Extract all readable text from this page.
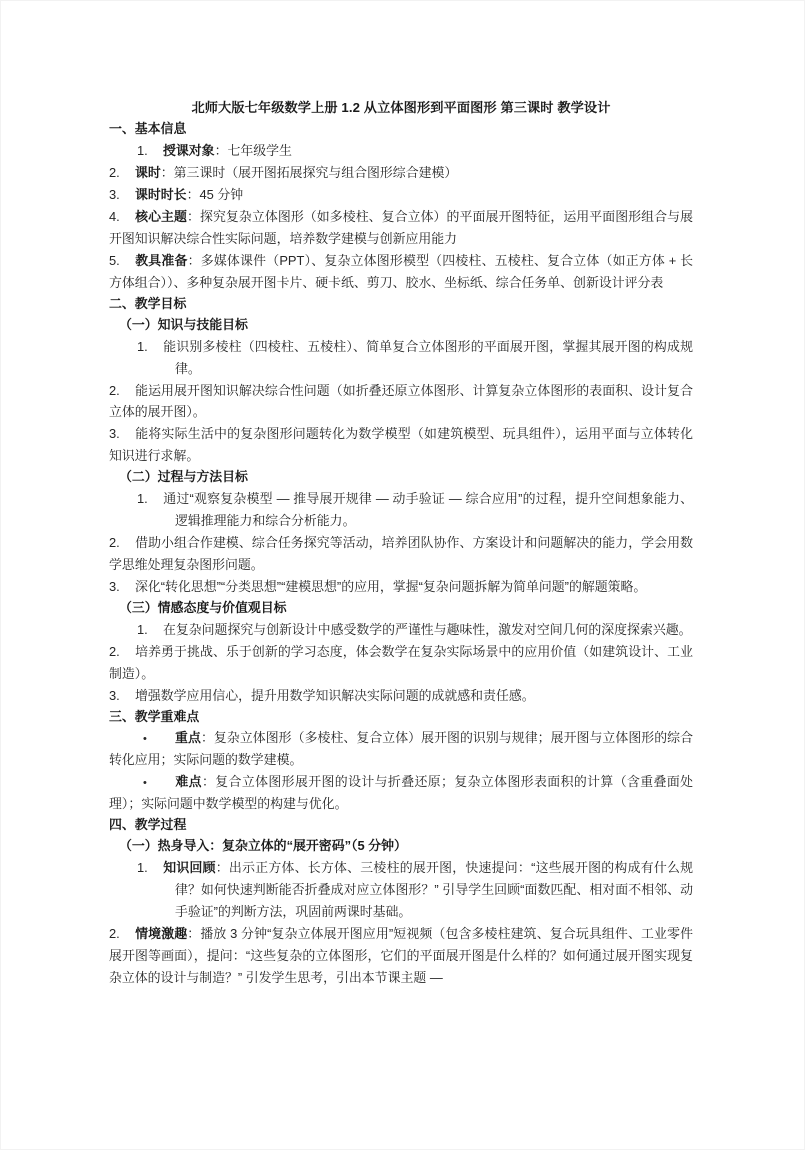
北师大版七年级数学上册 1.2 从立体图形到平面图形 第三课时 教学设计
一、基本信息
1. 授课对象：七年级学生
2. 课时：第三课时（展开图拓展探究与组合图形综合建模）
3. 课时时长：45 分钟
4. 核心主题：探究复杂立体图形（如多棱柱、复合立体）的平面展开图特征，运用平面图形组合与展开图知识解决综合性实际问题，培养数学建模与创新应用能力
5. 教具准备：多媒体课件（PPT）、复杂立体图形模型（四棱柱、五棱柱、复合立体（如正方体 + 长方体组合））、多种复杂展开图卡片、硬卡纸、剪刀、胶水、坐标纸、综合任务单、创新设计评分表
二、教学目标
（一）知识与技能目标
1. 能识别多棱柱（四棱柱、五棱柱）、简单复合立体图形的平面展开图，掌握其展开图的构成规律。
2. 能运用展开图知识解决综合性问题（如折叠还原立体图形、计算复杂立体图形的表面积、设计复合立体的展开图）。
3. 能将实际生活中的复杂图形问题转化为数学模型（如建筑模型、玩具组件），运用平面与立体转化知识进行求解。
（二）过程与方法目标
1. 通过“观察复杂模型 — 推导展开规律 — 动手验证 — 综合应用”的过程，提升空间想象能力、逻辑推理能力和综合分析能力。
2. 借助小组合作建模、综合任务探究等活动，培养团队协作、方案设计和问题解决的能力，学会用数学思维处理复杂图形问题。
3. 深化“转化思想”“分类思想”“建模思想”的应用，掌握“复杂问题拆解为简单问题”的解题策略。
（三）情感态度与价值观目标
1. 在复杂问题探究与创新设计中感受数学的严谨性与趣味性，激发对空间几何的深度探索兴趣。
2. 培养勇于挑战、乐于创新的学习态度，体会数学在复杂实际场景中的应用价值（如建筑设计、工业制造）。
3. 增强数学应用信心，提升用数学知识解决实际问题的成就感和责任感。
三、教学重难点
•重点：复杂立体图形（多棱柱、复合立体）展开图的识别与规律；展开图与立体图形的综合转化应用；实际问题的数学建模。
•难点：复合立体图形展开图的设计与折叠还原；复杂立体图形表面积的计算（含重叠面处理）；实际问题中数学模型的构建与优化。
四、教学过程
（一）热身导入：复杂立体的“展开密码”（5 分钟）
1. 知识回顾：出示正方体、长方体、三棱柱的展开图，快速提问：“这些展开图的构成有什么规律？如何快速判断能否折叠成对应立体图形？” 引导学生回顾“面数匹配、相对面不相邻、动手验证”的判断方法，巩固前两课时基础。
2. 情境激趣：播放 3 分钟“复杂立体展开图应用”短视频（包含多棱柱建筑、复合玩具组件、工业零件展开图等画面），提问：“这些复杂的立体图形，它们的平面展开图是什么样的？如何通过展开图实现复杂立体的设计与制造？” 引发学生思考，引出本节课主题 —
